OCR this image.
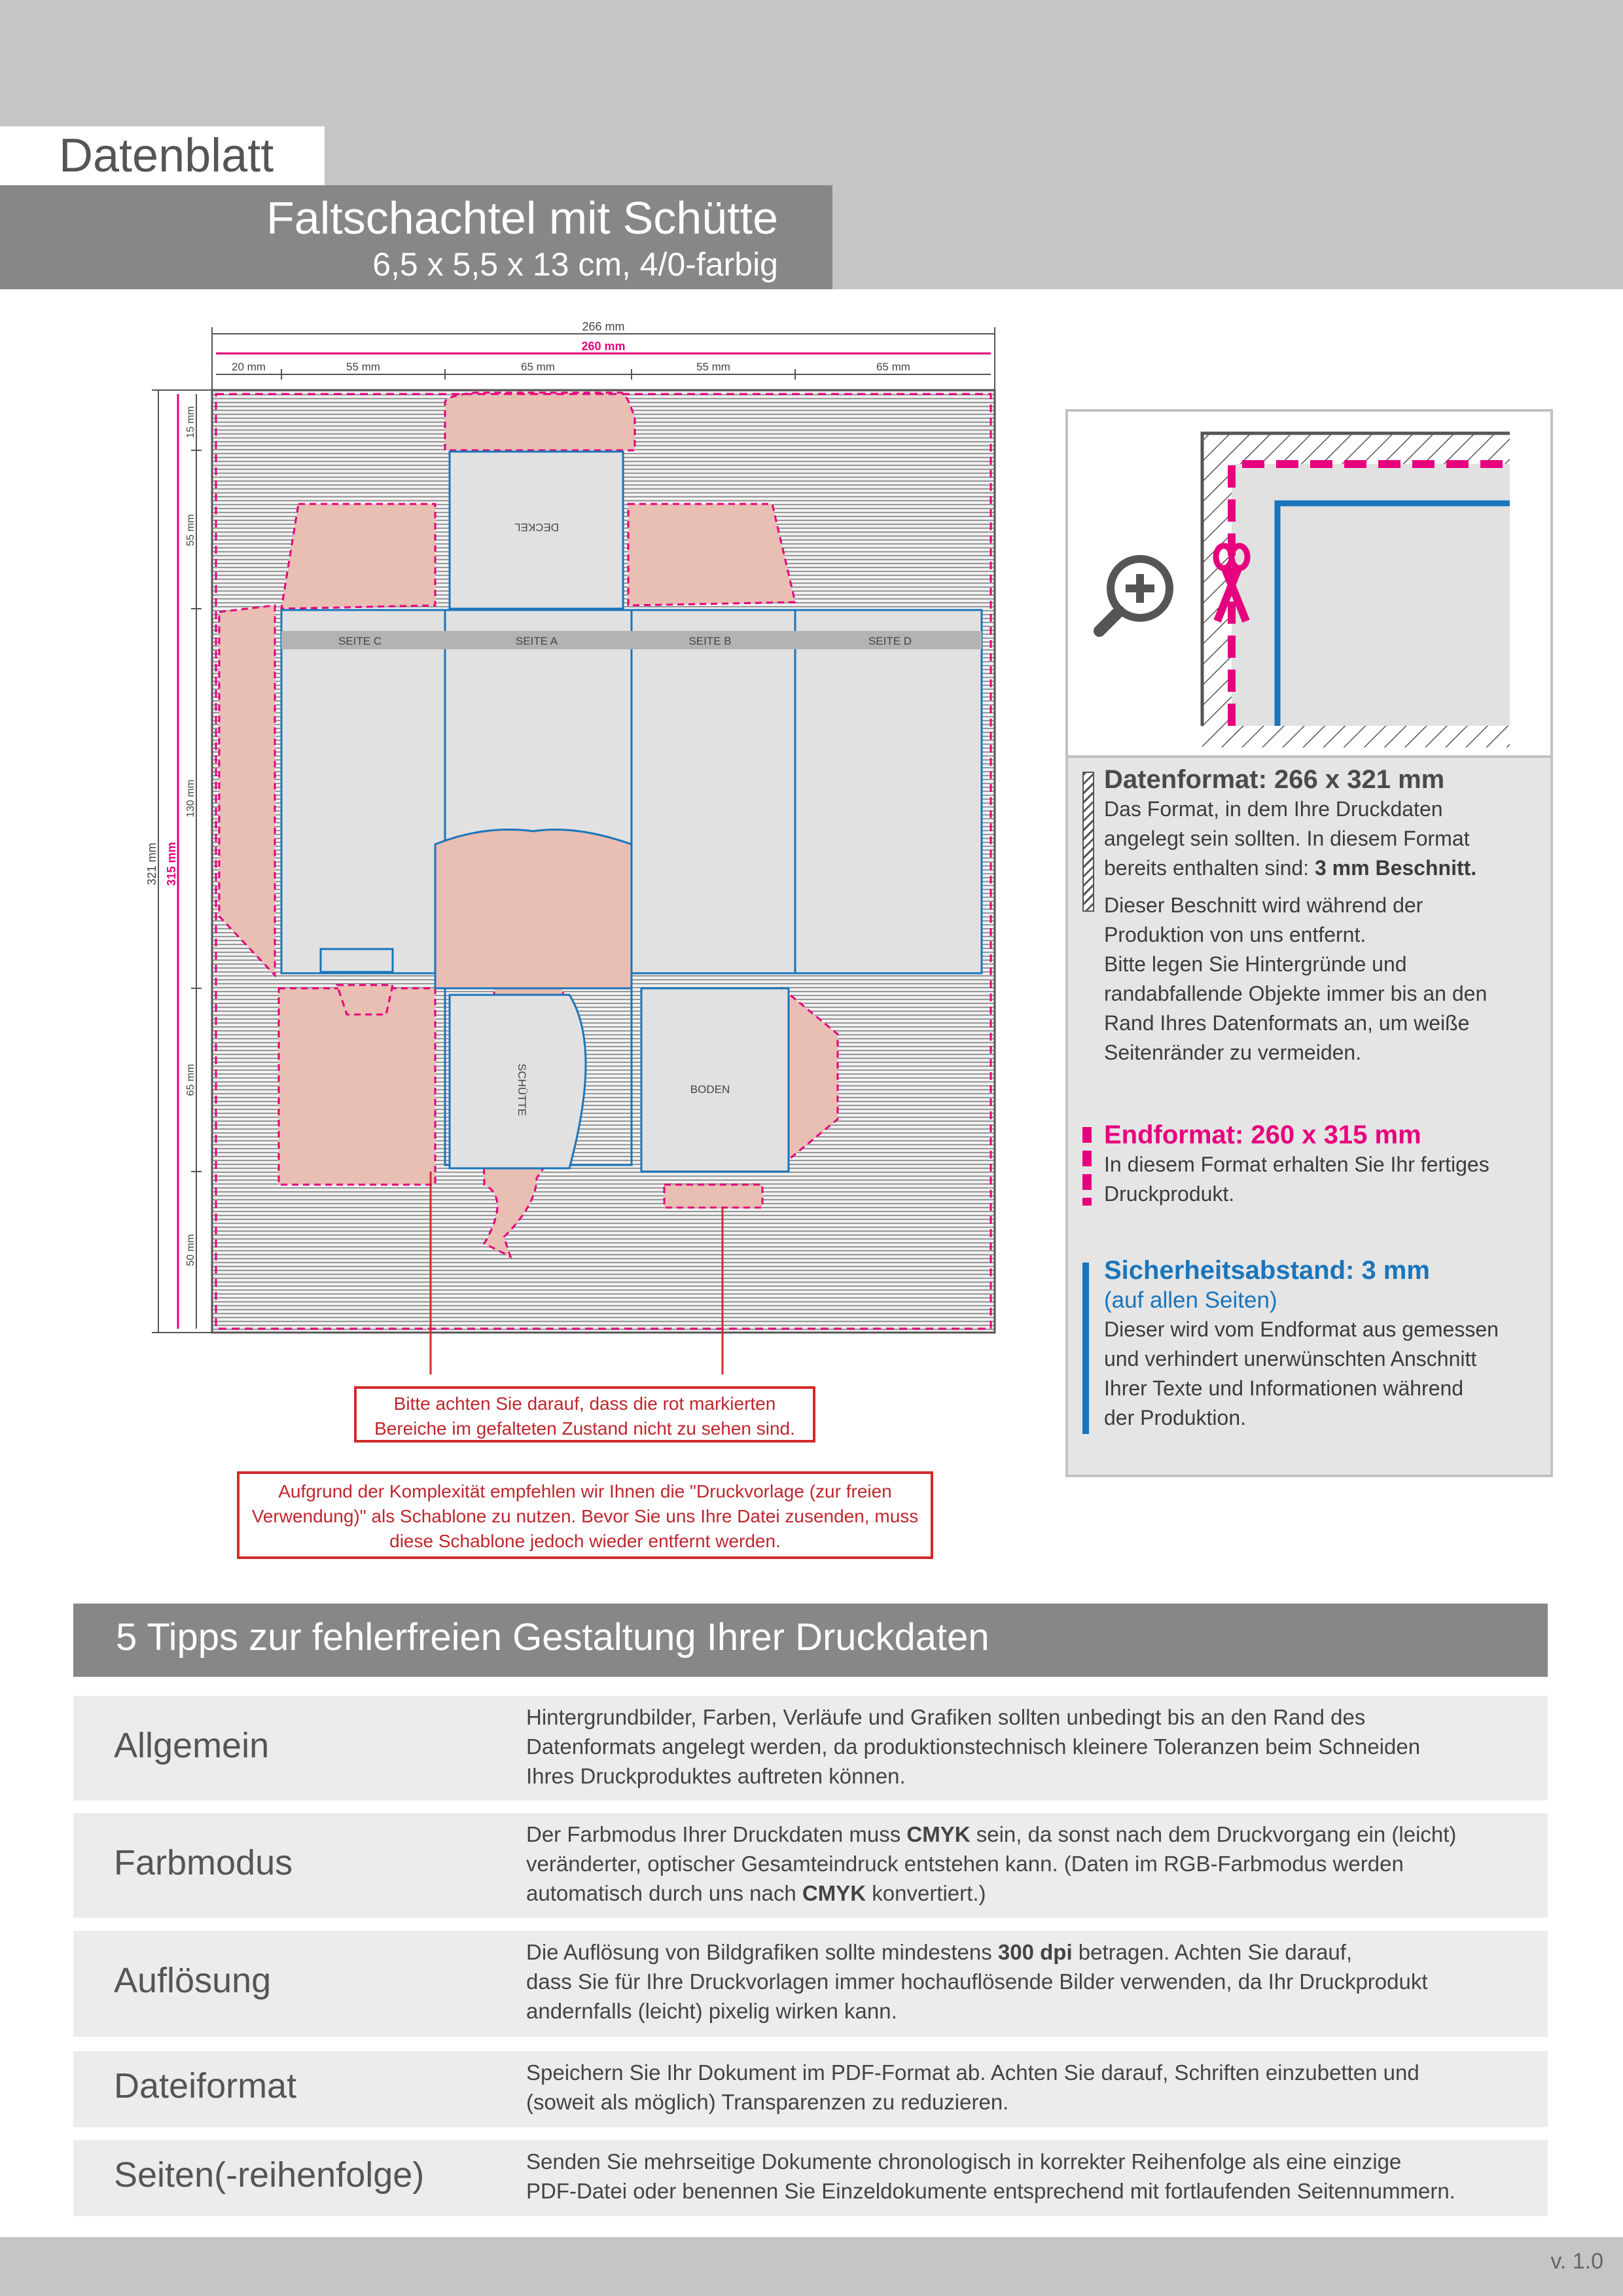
Datenblatt
Faltschachtel mit Schütte
6,5 x 5,5 x 13 cm, 4/0-farbig
DECKEL
SEITE C	SEITE A	SEITE B	SEITE D
SCHÜTTE	BODEN
266 mm
260 mm
20 mm	55 mm	65 mm	55 mm	65 mm
321 mm 315 mm
15 mm
55 mm
130 mm
65 mm
50 mm
Bitte achten Sie darauf, dass die rot markierten
Bereiche im gefalteten Zustand nicht zu sehen sind.
Aufgrund der Komplexität empfehlen wir Ihnen die "Druckvorlage (zur freien
Verwendung)" als Schablone zu nutzen. Bevor Sie uns Ihre Datei zusenden, muss
diese Schablone jedoch wieder entfernt werden.
Datenformat: 266 x 321 mm

Das Format, in dem Ihre Druckdaten

angelegt sein sollten. In diesem Format

bereits enthalten sind: 3 mm Beschnitt.

Dieser Beschnitt wird während der

Produktion von uns entfernt.

Bitte legen Sie Hintergründe und

randabfallende Objekte immer bis an den

Rand Ihres Datenformats an, um weiße

Seitenränder zu vermeiden.

Endformat: 260 x 315 mm

In diesem Format erhalten Sie Ihr fertiges

Druckprodukt.

Sicherheitsabstand: 3 mm

(auf allen Seiten)

Dieser wird vom Endformat aus gemessen

und verhindert unerwünschten Anschnitt

Ihrer Texte und Informationen während

der Produktion.

5 Tipps zur fehlerfreien Gestaltung Ihrer Druckdaten
Allgemein
Hintergrundbilder, Farben, Verläufe und Grafiken sollten unbedingt bis an den Rand des
Datenformats angelegt werden, da produktionstechnisch kleinere Toleranzen beim Schneiden
Ihres Druckproduktes auftreten können.
Farbmodus
Der Farbmodus Ihrer Druckdaten muss CMYK sein, da sonst nach dem Druckvorgang ein (leicht)
veränderter, optischer Gesamteindruck entstehen kann. (Daten im RGB-Farbmodus werden
automatisch durch uns nach CMYK konvertiert.)
Auflösung
Die Auflösung von Bildgrafiken sollte mindestens 300 dpi betragen. Achten Sie darauf,
dass Sie für Ihre Druckvorlagen immer hochauflösende Bilder verwenden, da Ihr Druckprodukt
andernfalls (leicht) pixelig wirken kann.
Dateiformat	Speichern Sie Ihr Dokument im PDF-Format ab. Achten Sie darauf, Schriften einzubetten und
(soweit als möglich) Transparenzen zu reduzieren.
Seiten(-reihenfolge)	Senden Sie mehrseitige Dokumente chronologisch in korrekter Reihenfolge als eine einzige
PDF-Datei oder benennen Sie Einzeldokumente entsprechend mit fortlaufenden Seitennummern.
v. 1.0
